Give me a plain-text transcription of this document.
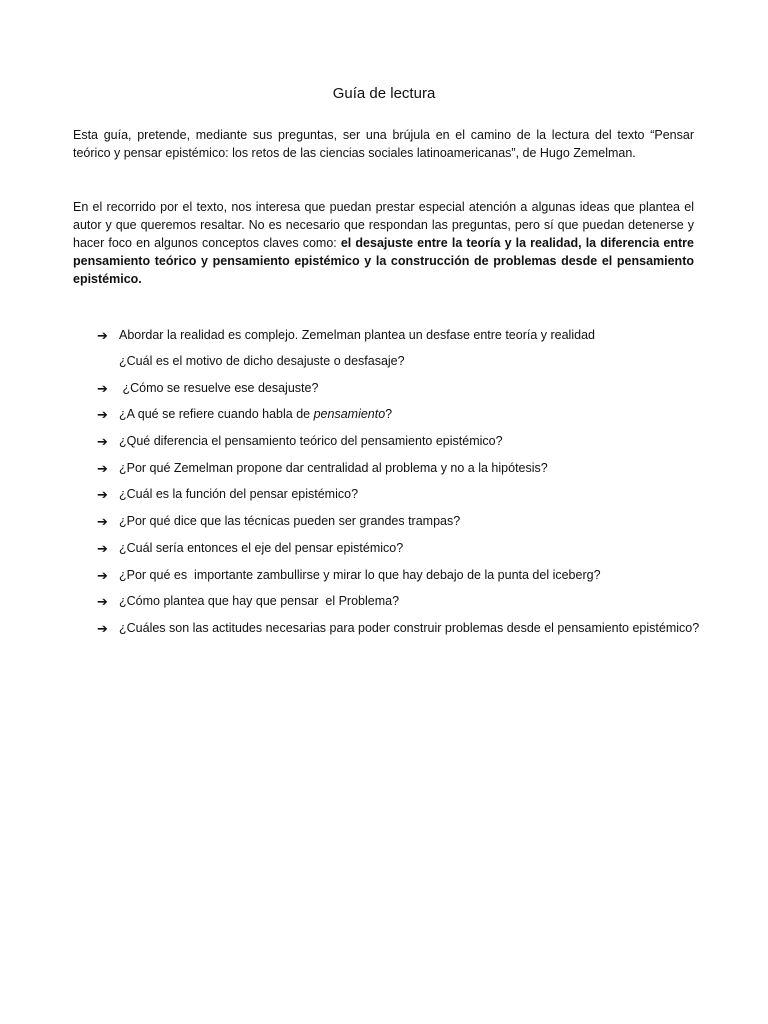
Guía de lectura

Esta guía, pretende, mediante sus preguntas, ser una brújula en el camino de la lectura del texto “Pensar teórico y pensar epistémico: los retos de las ciencias sociales latinoamericanas”, de Hugo Zemelman.

En el recorrido por el texto, nos interesa que puedan prestar especial atención a algunas ideas que plantea el autor y que queremos resaltar. No es necesario que respondan las preguntas, pero sí que puedan detenerse y hacer foco en algunos conceptos claves como: el desajuste entre la teoría y la realidad, la diferencia entre pensamiento teórico y pensamiento epistémico y la construcción de problemas desde el pensamiento epistémico.

➔ Abordar la realidad es complejo. Zemelman plantea un desfase entre teoría y realidad
¿Cuál es el motivo de dicho desajuste o desfasaje?
➔ ¿Cómo se resuelve ese desajuste?
➔ ¿A qué se refiere cuando habla de pensamiento?
➔ ¿Qué diferencia el pensamiento teórico del pensamiento epistémico?
➔ ¿Por qué Zemelman propone dar centralidad al problema y no a la hipótesis?
➔ ¿Cuál es la función del pensar epistémico?
➔ ¿Por qué dice que las técnicas pueden ser grandes trampas?
➔ ¿Cuál sería entonces el eje del pensar epistémico?
➔ ¿Por qué es  importante zambullirse y mirar lo que hay debajo de la punta del iceberg?
➔ ¿Cómo plantea que hay que pensar  el Problema?
➔ ¿Cuáles son las actitudes necesarias para poder construir problemas desde el pensamiento epistémico?
